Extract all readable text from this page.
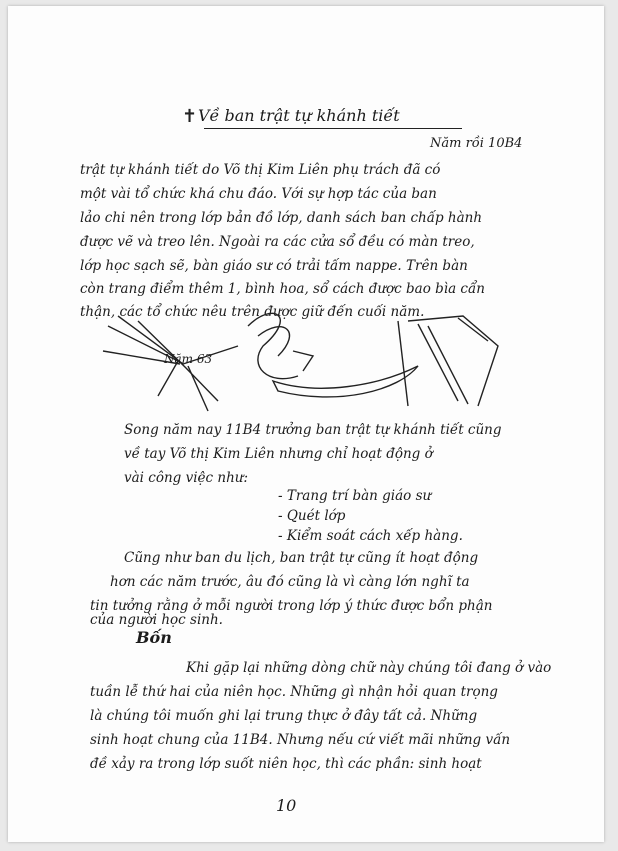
✝ Về ban trật tự khánh tiết
Năm rồi 10B4
trật tự khánh tiết do Võ thị Kim Liên phụ trách đã có
một vài tổ chức khá chu đáo. Với sự hợp tác của ban
lảo chi nên trong lớp bản đồ lớp, danh sách ban chấp hành
được vẽ và treo lên. Ngoài ra các cửa sổ đều có màn treo,
lớp học sạch sẽ, bàn giáo sư có trải tấm nappe. Trên bàn
còn trang điểm thêm 1, bình hoa, sổ cách được bao bìa cẩn
thận, các tổ chức nêu trên được giữ đến cuối năm.
Năm 63
Song năm nay 11B4 trưởng ban trật tự khánh tiết cũng
về tay Võ thị Kim Liên nhưng chỉ hoạt động ở
vài công việc như:
- Trang trí bàn giáo sư
- Quét lớp
- Kiểm soát cách xếp hàng.
Cũng như ban du lịch, ban trật tự cũng ít hoạt động
hơn các năm trước, âu đó cũng là vì càng lớn nghĩ ta
tin tưởng rằng ở mỗi người trong lớp ý thức được bổn phận
của người học sinh.
Bốn
Khi gặp lại những dòng chữ này chúng tôi đang ở vào
tuần lễ thứ hai của niên học. Những gì nhận hỏi quan trọng
là chúng tôi muốn ghi lại trung thực ở đây tất cả. Những
sinh hoạt chung của 11B4. Nhưng nếu cứ viết mãi những vấn
đề xảy ra trong lớp suốt niên học, thì các phần: sinh hoạt
10
